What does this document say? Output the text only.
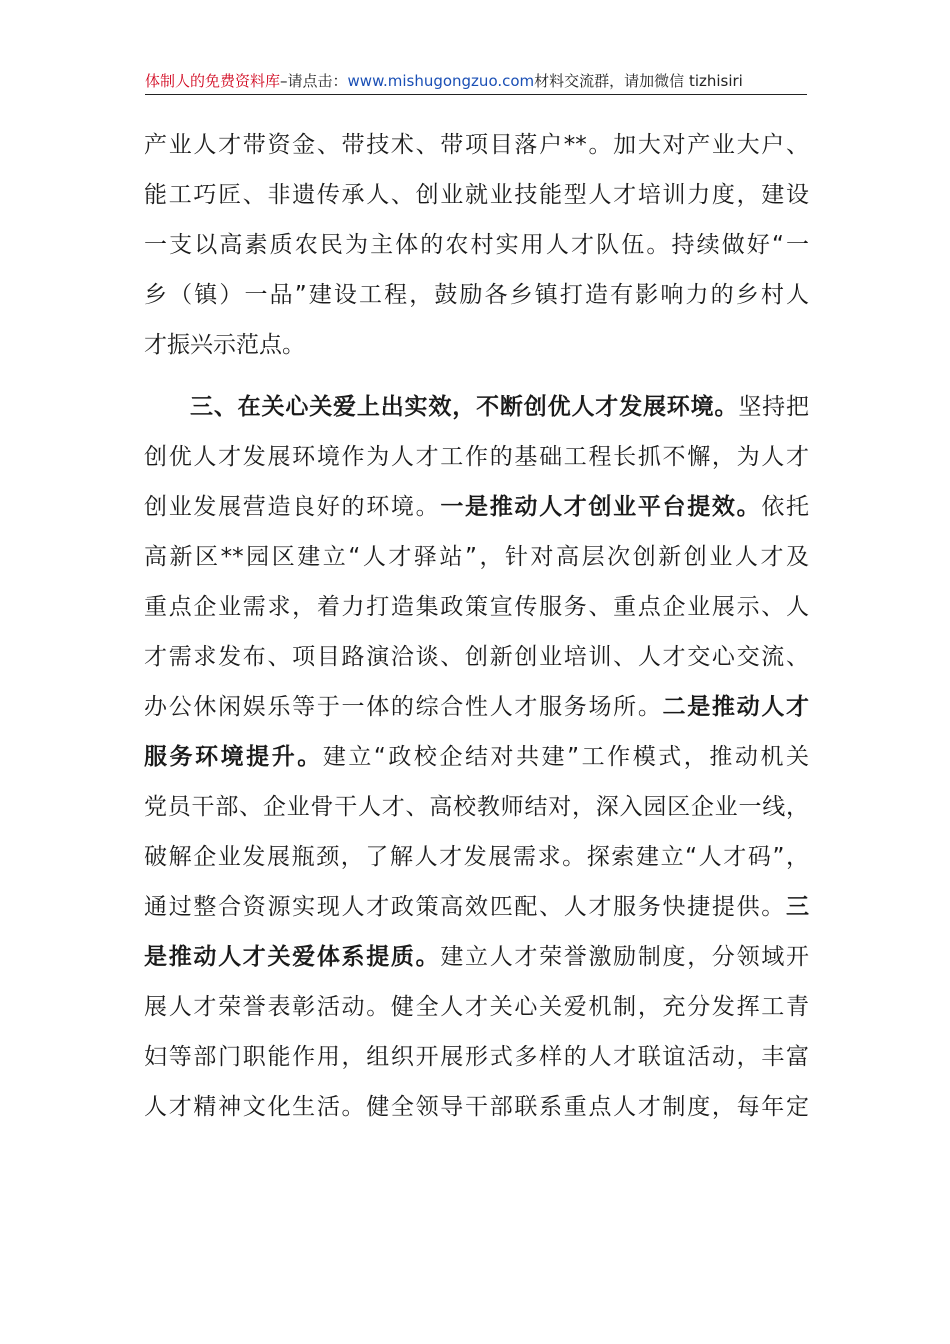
体制人的免费资料库–请点击：www.mishugongzuo.com材料交流群，请加微信 tizhisiri
产业人才带资金、带技术、带项目落户**。加大对产业大户、
能工巧匠、非遗传承人、创业就业技能型人才培训力度，建设
一支以高素质农民为主体的农村实用人才队伍。持续做好“一
乡（镇）一品”建设工程，鼓励各乡镇打造有影响力的乡村人
才振兴示范点。
三、在关心关爱上出实效，不断创优人才发展环境。坚持把
创优人才发展环境作为人才工作的基础工程长抓不懈，为人才
创业发展营造良好的环境。一是推动人才创业平台提效。依托
高新区**园区建立“人才驿站”，针对高层次创新创业人才及
重点企业需求，着力打造集政策宣传服务、重点企业展示、人
才需求发布、项目路演洽谈、创新创业培训、人才交心交流、
办公休闲娱乐等于一体的综合性人才服务场所。二是推动人才
服务环境提升。建立“政校企结对共建”工作模式，推动机关
党员干部、企业骨干人才、高校教师结对，深入园区企业一线，
破解企业发展瓶颈，了解人才发展需求。探索建立“人才码”，
通过整合资源实现人才政策高效匹配、人才服务快捷提供。三
是推动人才关爱体系提质。建立人才荣誉激励制度，分领域开
展人才荣誉表彰活动。健全人才关心关爱机制，充分发挥工青
妇等部门职能作用，组织开展形式多样的人才联谊活动，丰富
人才精神文化生活。健全领导干部联系重点人才制度，每年定
